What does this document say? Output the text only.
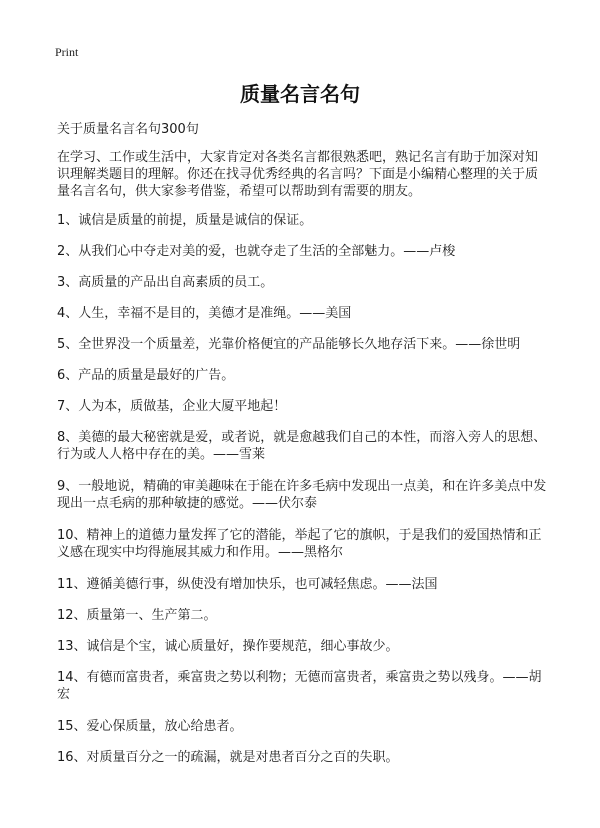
Print
质量名言名句

关于质量名言名句300句

在学习、工作或生活中，大家肯定对各类名言都很熟悉吧，熟记名言有助于加深对知识理解类题目的理解。你还在找寻优秀经典的名言吗？下面是小编精心整理的关于质量名言名句，供大家参考借鉴，希望可以帮助到有需要的朋友。

1、诚信是质量的前提，质量是诚信的保证。

2、从我们心中夺走对美的爱，也就夺走了生活的全部魅力。——卢梭

3、高质量的产品出自高素质的员工。

4、人生，幸福不是目的，美德才是准绳。——美国

5、全世界没一个质量差，光靠价格便宜的产品能够长久地存活下来。——徐世明

6、产品的质量是最好的广告。

7、人为本，质做基，企业大厦平地起！

8、美德的最大秘密就是爱，或者说，就是愈越我们自己的本性，而溶入旁人的思想、行为或人人格中存在的美。——雪莱

9、一般地说，精确的审美趣味在于能在许多毛病中发现出一点美，和在许多美点中发现出一点毛病的那种敏捷的感觉。——伏尔泰

10、精神上的道德力量发挥了它的潜能，举起了它的旗帜，于是我们的爱国热情和正义感在现实中均得施展其威力和作用。——黑格尔

11、遵循美德行事，纵使没有增加快乐，也可减轻焦虑。——法国

12、质量第一、生产第二。

13、诚信是个宝，诚心质量好，操作要规范，细心事故少。

14、有德而富贵者，乘富贵之势以利物；无德而富贵者，乘富贵之势以残身。——胡宏

15、爱心保质量，放心给患者。

16、对质量百分之一的疏漏，就是对患者百分之百的失职。
